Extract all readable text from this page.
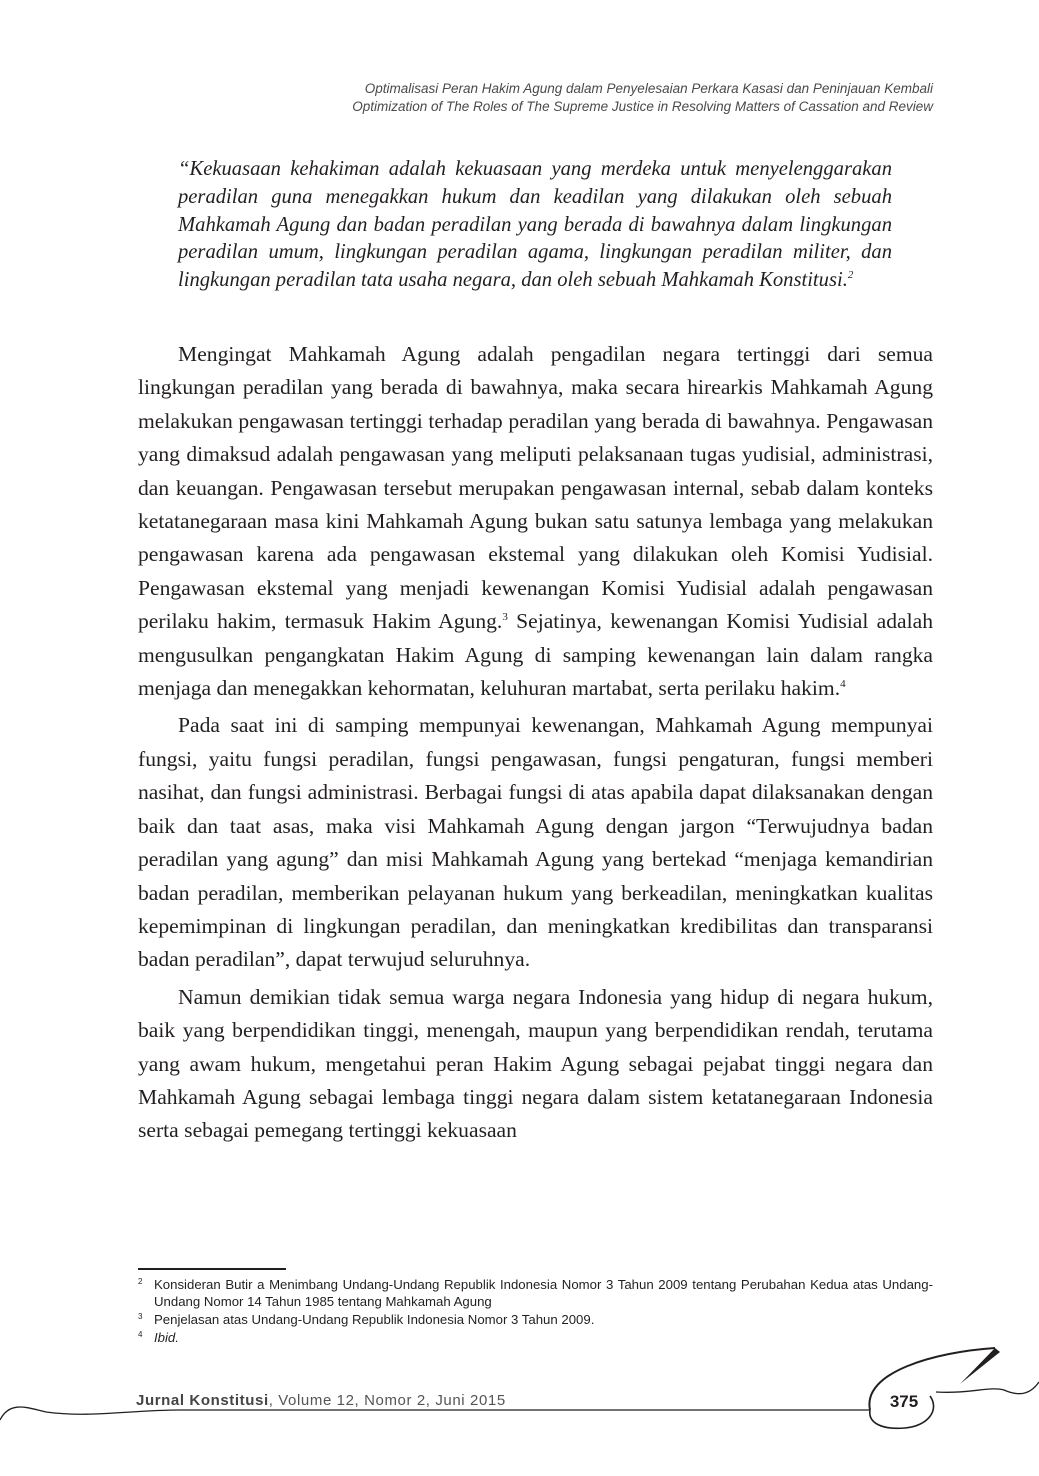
Optimalisasi Peran Hakim Agung dalam Penyelesaian Perkara Kasasi dan Peninjauan Kembali
Optimization of The Roles of The Supreme Justice in Resolving Matters of Cassation and Review
“Kekuasaan kehakiman adalah kekuasaan yang merdeka untuk menyelenggarakan peradilan guna menegakkan hukum dan keadilan yang dilakukan oleh sebuah Mahkamah Agung dan badan peradilan yang berada di bawahnya dalam lingkungan peradilan umum, lingkungan peradilan agama, lingkungan peradilan militer, dan lingkungan peradilan tata usaha negara, dan oleh sebuah Mahkamah Konstitusi.$^2$

Mengingat Mahkamah Agung adalah pengadilan negara tertinggi dari semua lingkungan peradilan yang berada di bawahnya, maka secara hirearkis Mahkamah Agung melakukan pengawasan tertinggi terhadap peradilan yang berada di bawahnya. Pengawasan yang dimaksud adalah pengawasan yang meliputi pelaksanaan tugas yudisial, administrasi, dan keuangan. Pengawasan tersebut merupakan pengawasan internal, sebab dalam konteks ketatanegaraan masa kini Mahkamah Agung bukan satu satunya lembaga yang melakukan pengawasan karena ada pengawasan ekstemal yang dilakukan oleh Komisi Yudisial. Pengawasan ekstemal yang menjadi kewenangan Komisi Yudisial adalah pengawasan perilaku hakim, termasuk Hakim Agung.$^3$ Sejatinya, kewenangan Komisi Yudisial adalah mengusulkan pengangkatan Hakim Agung di samping kewenangan lain dalam rangka menjaga dan menegakkan kehormatan, keluhuran martabat, serta perilaku hakim.$^4$

Pada saat ini di samping mempunyai kewenangan, Mahkamah Agung mempunyai fungsi, yaitu fungsi peradilan, fungsi pengawasan, fungsi pengaturan, fungsi memberi nasihat, dan fungsi administrasi. Berbagai fungsi di atas apabila dapat dilaksanakan dengan baik dan taat asas, maka visi Mahkamah Agung dengan jargon “Terwujudnya badan peradilan yang agung” dan misi Mahkamah Agung yang bertekad “menjaga kemandirian badan peradilan, memberikan pelayanan hukum yang berkeadilan, meningkatkan kualitas kepemimpinan di lingkungan peradilan, dan meningkatkan kredibilitas dan transparansi badan peradilan”, dapat terwujud seluruhnya.

Namun demikian tidak semua warga negara Indonesia yang hidup di negara hukum, baik yang berpendidikan tinggi, menengah, maupun yang berpendidikan rendah, terutama yang awam hukum, mengetahui peran Hakim Agung sebagai pejabat tinggi negara dan Mahkamah Agung sebagai lembaga tinggi negara dalam sistem ketatanegaraan Indonesia serta sebagai pemegang tertinggi kekuasaan

2 Konsideran Butir a Menimbang Undang-Undang Republik Indonesia Nomor 3 Tahun 2009 tentang Perubahan Kedua atas Undang-Undang Nomor 14 Tahun 1985 tentang Mahkamah Agung
3 Penjelasan atas Undang-Undang Republik Indonesia Nomor 3 Tahun 2009.
4 Ibid.
Jurnal Konstitusi, Volume 12, Nomor 2, Juni 2015	375
